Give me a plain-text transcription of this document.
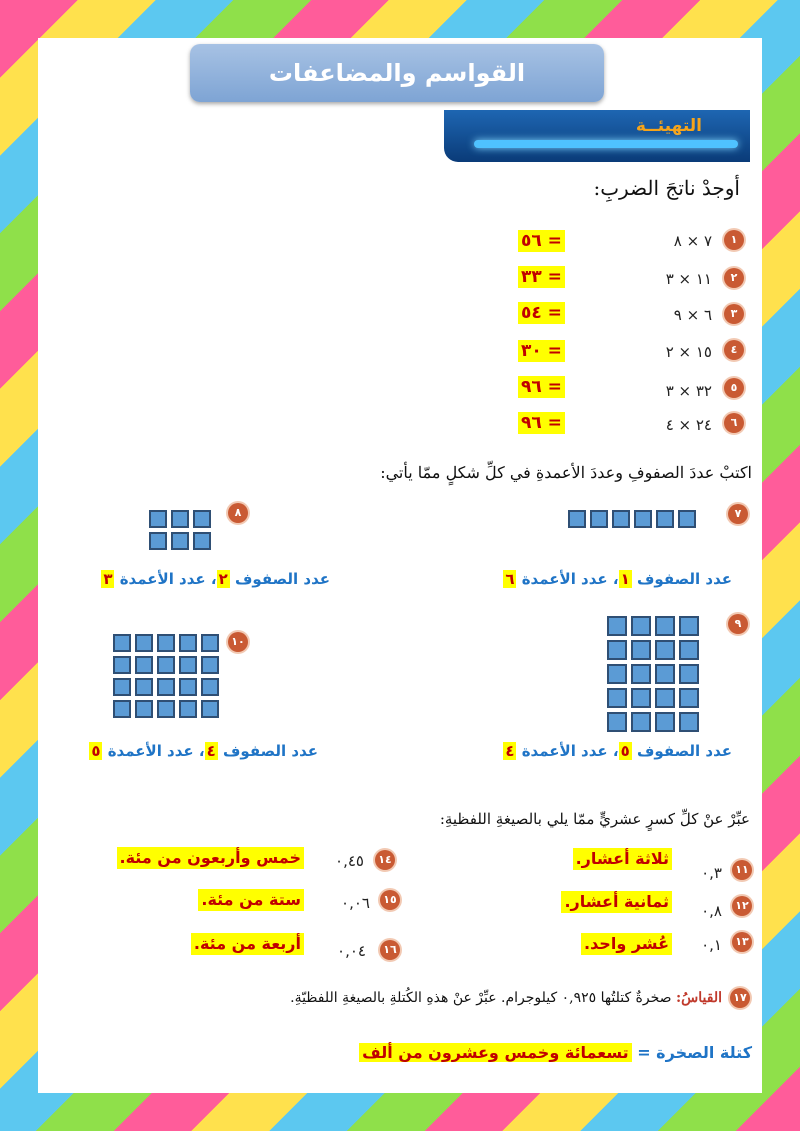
القواسم والمضاعفات
التهيئــة
أوجدْ ناتجَ الضربِ:
١
٧ × ٨
= ٥٦
٢
١١ × ٣
= ٣٣
٣
٦ × ٩
= ٥٤
٤
١٥ × ٢
= ٣٠
٥
٣٢ × ٣
= ٩٦
٦
٢٤ × ٤
= ٩٦
اكتبْ عددَ الصفوفِ وعددَ الأعمدةِ في كلِّ شكلٍ ممّا يأتي:
٧
عدد الصفوف ١، عدد الأعمدة ٦
٨
عدد الصفوف ٢، عدد الأعمدة ٣
٩
عدد الصفوف ٥، عدد الأعمدة ٤
١٠
عدد الصفوف ٤، عدد الأعمدة ٥
عبِّرْ عنْ كلِّ كسرٍ عشريٍّ ممّا يلي بالصيغةِ اللفظيةِ:
١١
٠,٣
ثلاثة أعشار.
١٢
٠,٨
ثمانية أعشار.
١٣
٠,١
عُشر واحد.
١٤
٠,٤٥
خمس وأربعون من مئة.
١٥
٠,٠٦
ستة من مئة.
١٦
٠,٠٤
أربعة من مئة.
١٧
القياسُ: صخرةٌ كتلتُها ٠,٩٢٥ كيلوجرام. عبِّرْ عنْ هذهِ الكُتلةِ بالصيغةِ اللفظيّةِ.
كتلة الصخرة = تسعمائة وخمس وعشرون من ألف
